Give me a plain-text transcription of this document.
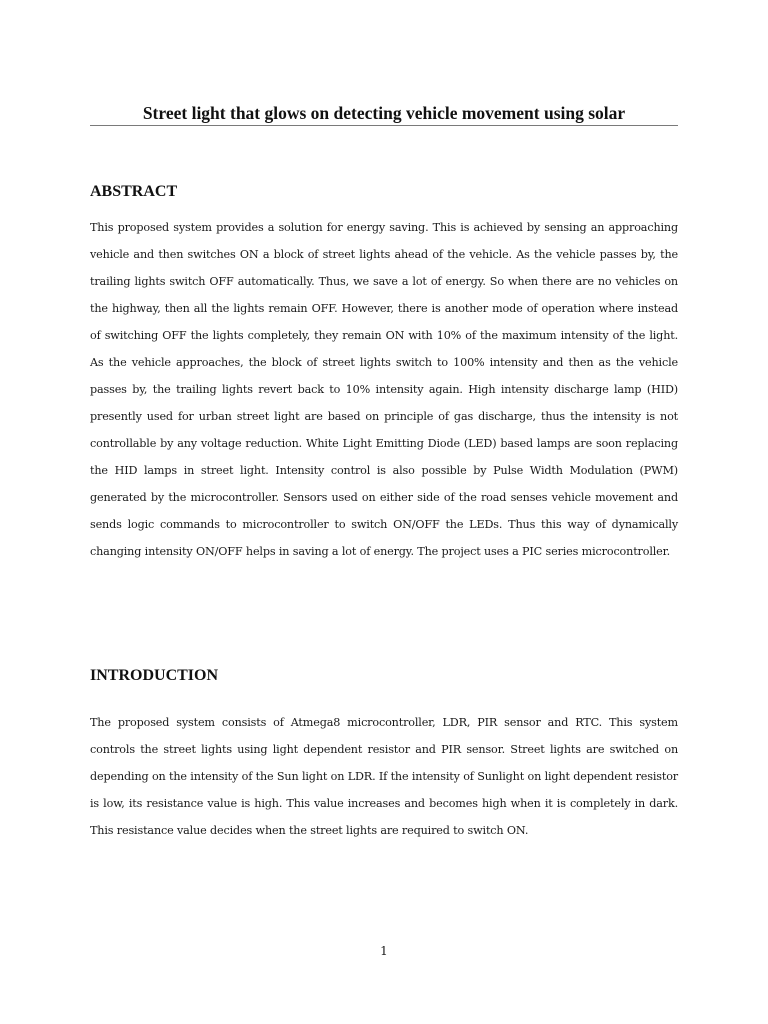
Street light that glows on detecting vehicle movement using solar
ABSTRACT

This proposed system provides a solution for energy saving. This is achieved by sensing an approaching vehicle and then switches ON a block of street lights ahead of the vehicle. As the vehicle passes by, the trailing lights switch OFF automatically. Thus, we save a lot of energy. So when there are no vehicles on the highway, then all the lights remain OFF. However, there is another mode of operation where instead of switching OFF the lights completely, they remain ON with 10% of the maximum intensity of the light. As the vehicle approaches, the block of street lights switch to 100% intensity and then as the vehicle passes by, the trailing lights revert back to 10% intensity again. High intensity discharge lamp (HID) presently used for urban street light are based on principle of gas discharge, thus the intensity is not controllable by any voltage reduction. White Light Emitting Diode (LED) based lamps are soon replacing the HID lamps in street light. Intensity control is also possible by Pulse Width Modulation (PWM) generated by the microcontroller. Sensors used on either side of the road senses vehicle movement and sends logic commands to microcontroller to switch ON/OFF the LEDs. Thus this way of dynamically changing intensity ON/OFF helps in saving a lot of energy. The project uses a PIC series microcontroller.

INTRODUCTION

The proposed system consists of Atmega8 microcontroller, LDR, PIR sensor and RTC. This system controls the street lights using light dependent resistor and PIR sensor. Street lights are switched on depending on the intensity of the Sun light on LDR. If the intensity of Sunlight on light dependent resistor is low, its resistance value is high. This value increases and becomes high when it is completely in dark. This resistance value decides when the street lights are required to switch ON.

1
